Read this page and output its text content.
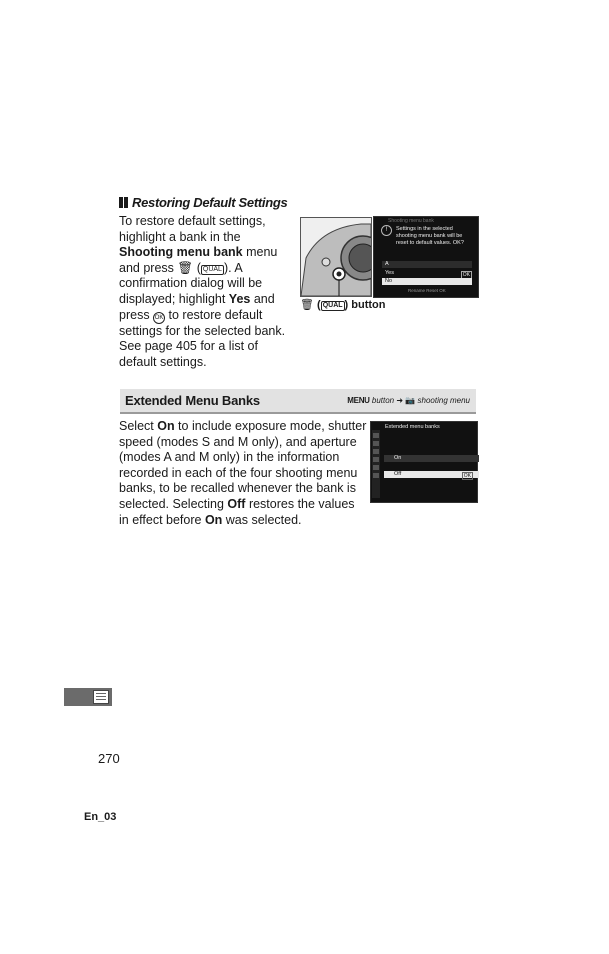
Restoring Default Settings
To restore default settings, highlight a bank in the Shooting menu bank menu and press 🗑 ( QUAL ). A confirmation dialog will be displayed; highlight Yes and press OK to restore default settings for the selected bank. See page 405 for a list of default settings.
🗑 ( QUAL ) button
Shooting menu bank
!	Settings in the selected shooting menu bank will be reset to default values. OK?
A
Yes	OK
No
Rename Reset OK
Extended Menu Banks	MENU button ➜ 📷 shooting menu
Select On to include exposure mode, shutter speed (modes S and M only), and aperture (modes A and M only) in the information recorded in each of the four shooting menu banks, to be recalled whenever the bank is selected. Selecting Off restores the values in effect before On was selected.
Extended menu banks
On
Off	OK
270
En_03
